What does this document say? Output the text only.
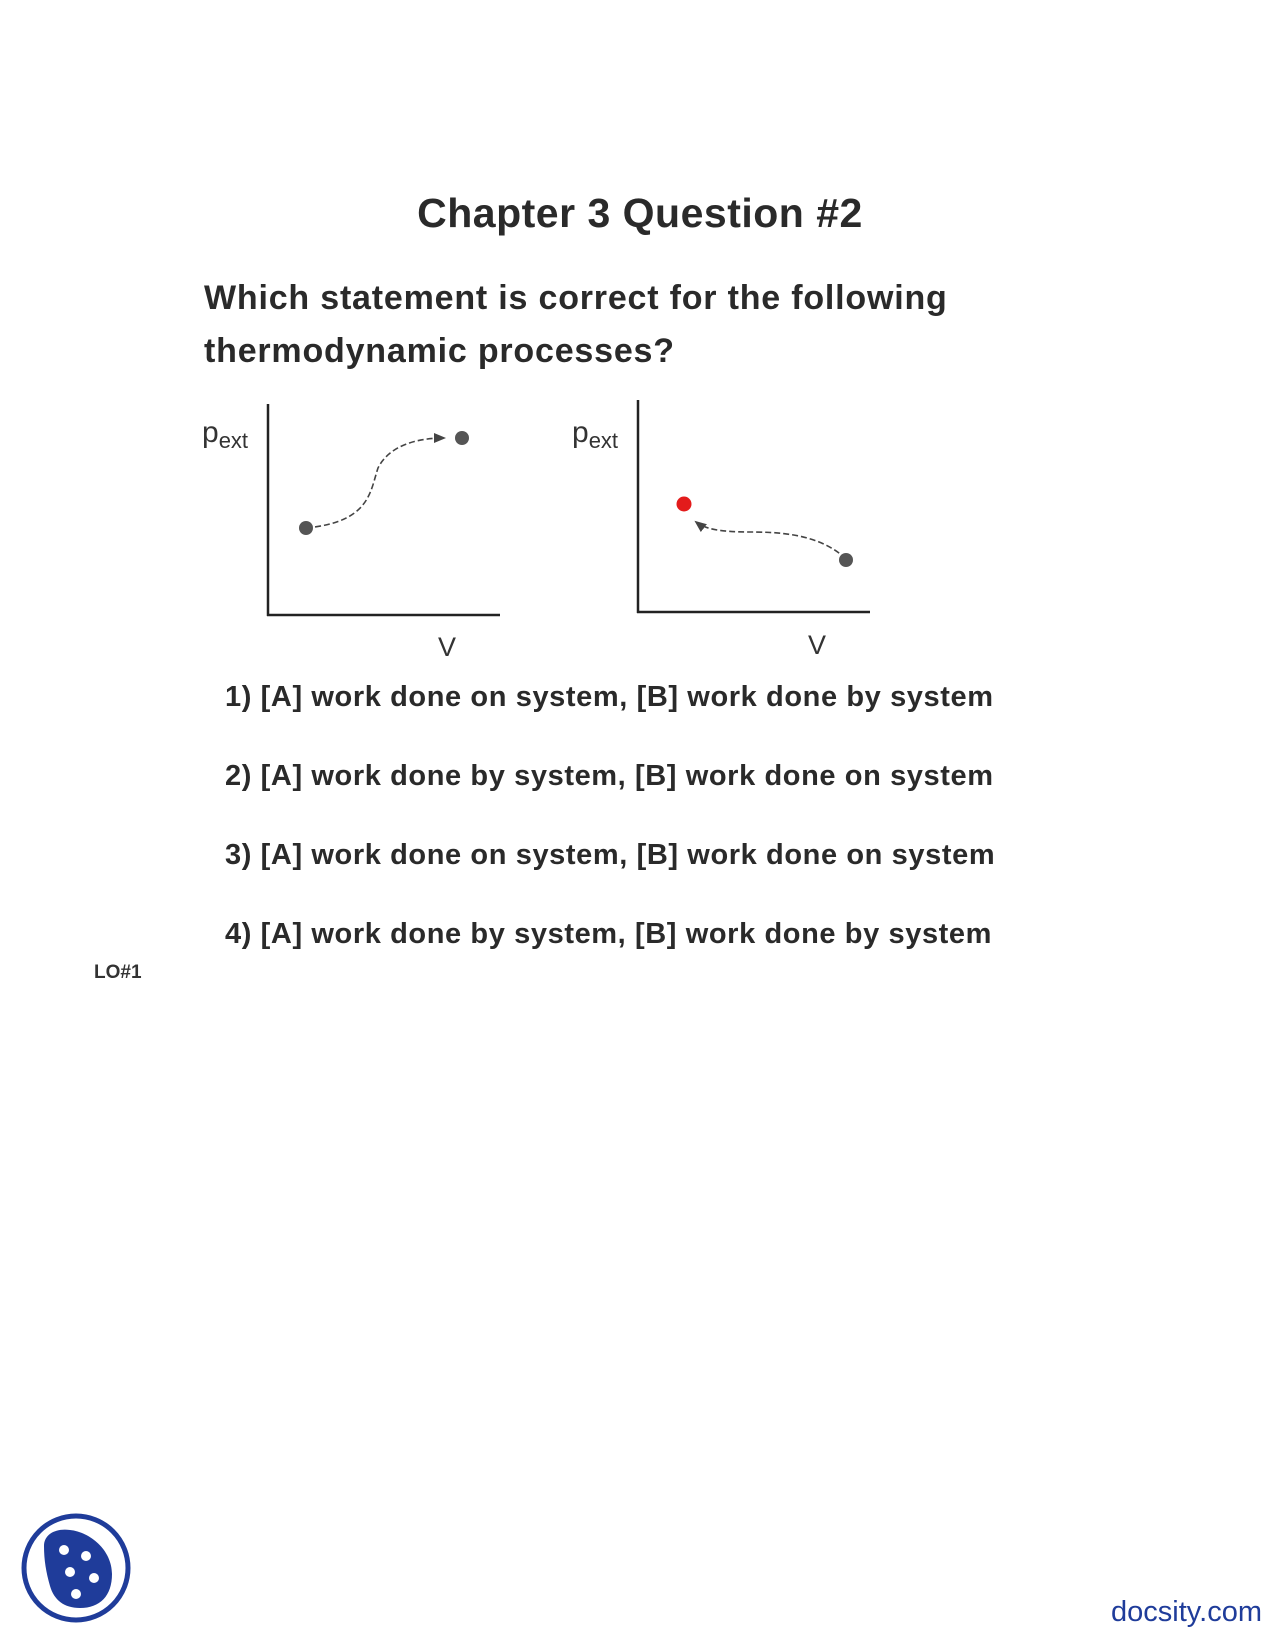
Chapter 3 Question #2
Which statement is correct for the following
thermodynamic processes?
$p_{ext}$
V
$p_{ext}$
V
1) [A] work done on system, [B] work done by system
2) [A] work done by system, [B] work done on system
3) [A] work done on system, [B] work done on system
4) [A] work done by system, [B] work done by system
LO#1
docsity.com
